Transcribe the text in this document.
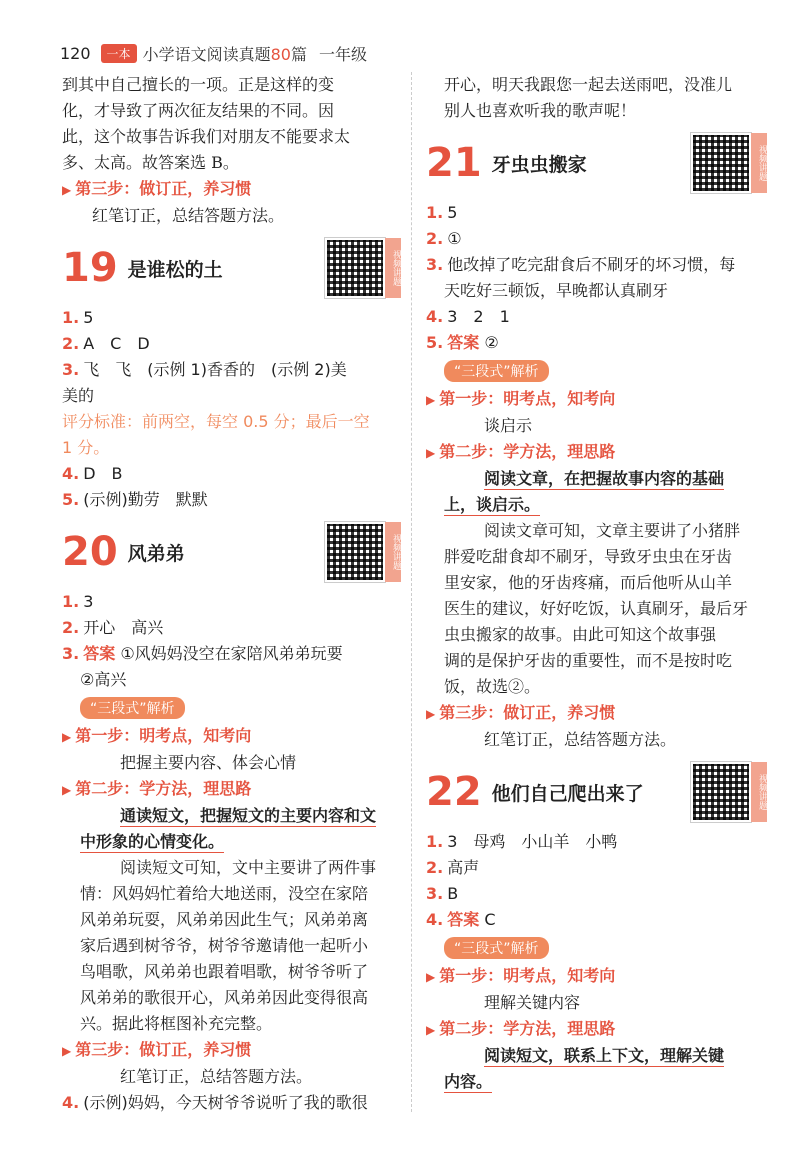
120	一本 小学语文阅读真题80篇 一年级

到其中自己擅长的一项。正是这样的变

化，才导致了两次征友结果的不同。因

此，这个故事告诉我们对朋友不能要求太

多、太高。故答案选 B。

▶ 第三步：做订正，养习惯

红笔订正，总结答题方法。

19 是谁松的土	视频讲题

1. 5

2. A　C　D

3. 飞　飞　(示例 1)香香的　(示例 2)美

美的

评分标准：前两空，每空 0.5 分；最后一空

1 分。

4. D　B

5. (示例)勤劳　默默

20 风弟弟	视频讲题

1. 3

2. 开心　高兴

3. 答案 ①风妈妈没空在家陪风弟弟玩要

②高兴

“三段式”解析

▶ 第一步：明考点，知考向

把握主要内容、体会心情

▶ 第二步：学方法，理思路

通读短文，把握短文的主要内容和文

中形象的心情变化。

阅读短文可知，文中主要讲了两件事

情：风妈妈忙着给大地送雨，没空在家陪

风弟弟玩耍，风弟弟因此生气；风弟弟离

家后遇到树爷爷，树爷爷邀请他一起听小

鸟唱歌，风弟弟也跟着唱歌，树爷爷听了

风弟弟的歌很开心，风弟弟因此变得很高

兴。据此将框图补充完整。

▶ 第三步：做订正，养习惯

红笔订正，总结答题方法。

4. (示例)妈妈，今天树爷爷说听了我的歌很

开心，明天我跟您一起去送雨吧，没准儿

别人也喜欢听我的歌声呢！

21 牙虫虫搬家	视频讲题

1. 5

2. ①

3. 他改掉了吃完甜食后不刷牙的坏习惯，每

天吃好三顿饭，早晚都认真刷牙

4. 3　2　1

5. 答案 ②

“三段式”解析

▶ 第一步：明考点，知考向

谈启示

▶ 第二步：学方法，理思路

阅读文章，在把握故事内容的基础

上，谈启示。

阅读文章可知，文章主要讲了小猪胖

胖爱吃甜食却不刷牙，导致牙虫虫在牙齿

里安家，他的牙齿疼痛，而后他听从山羊

医生的建议，好好吃饭，认真刷牙，最后牙

虫虫搬家的故事。由此可知这个故事强

调的是保护牙齿的重要性，而不是按时吃

饭，故选②。

▶ 第三步：做订正，养习惯

红笔订正，总结答题方法。

22 他们自己爬出来了	视频讲题

1. 3　母鸡　小山羊　小鸭

2. 高声

3. B

4. 答案 C

“三段式”解析

▶ 第一步：明考点，知考向

理解关键内容

▶ 第二步：学方法，理思路

阅读短文，联系上下文，理解关键

内容。
